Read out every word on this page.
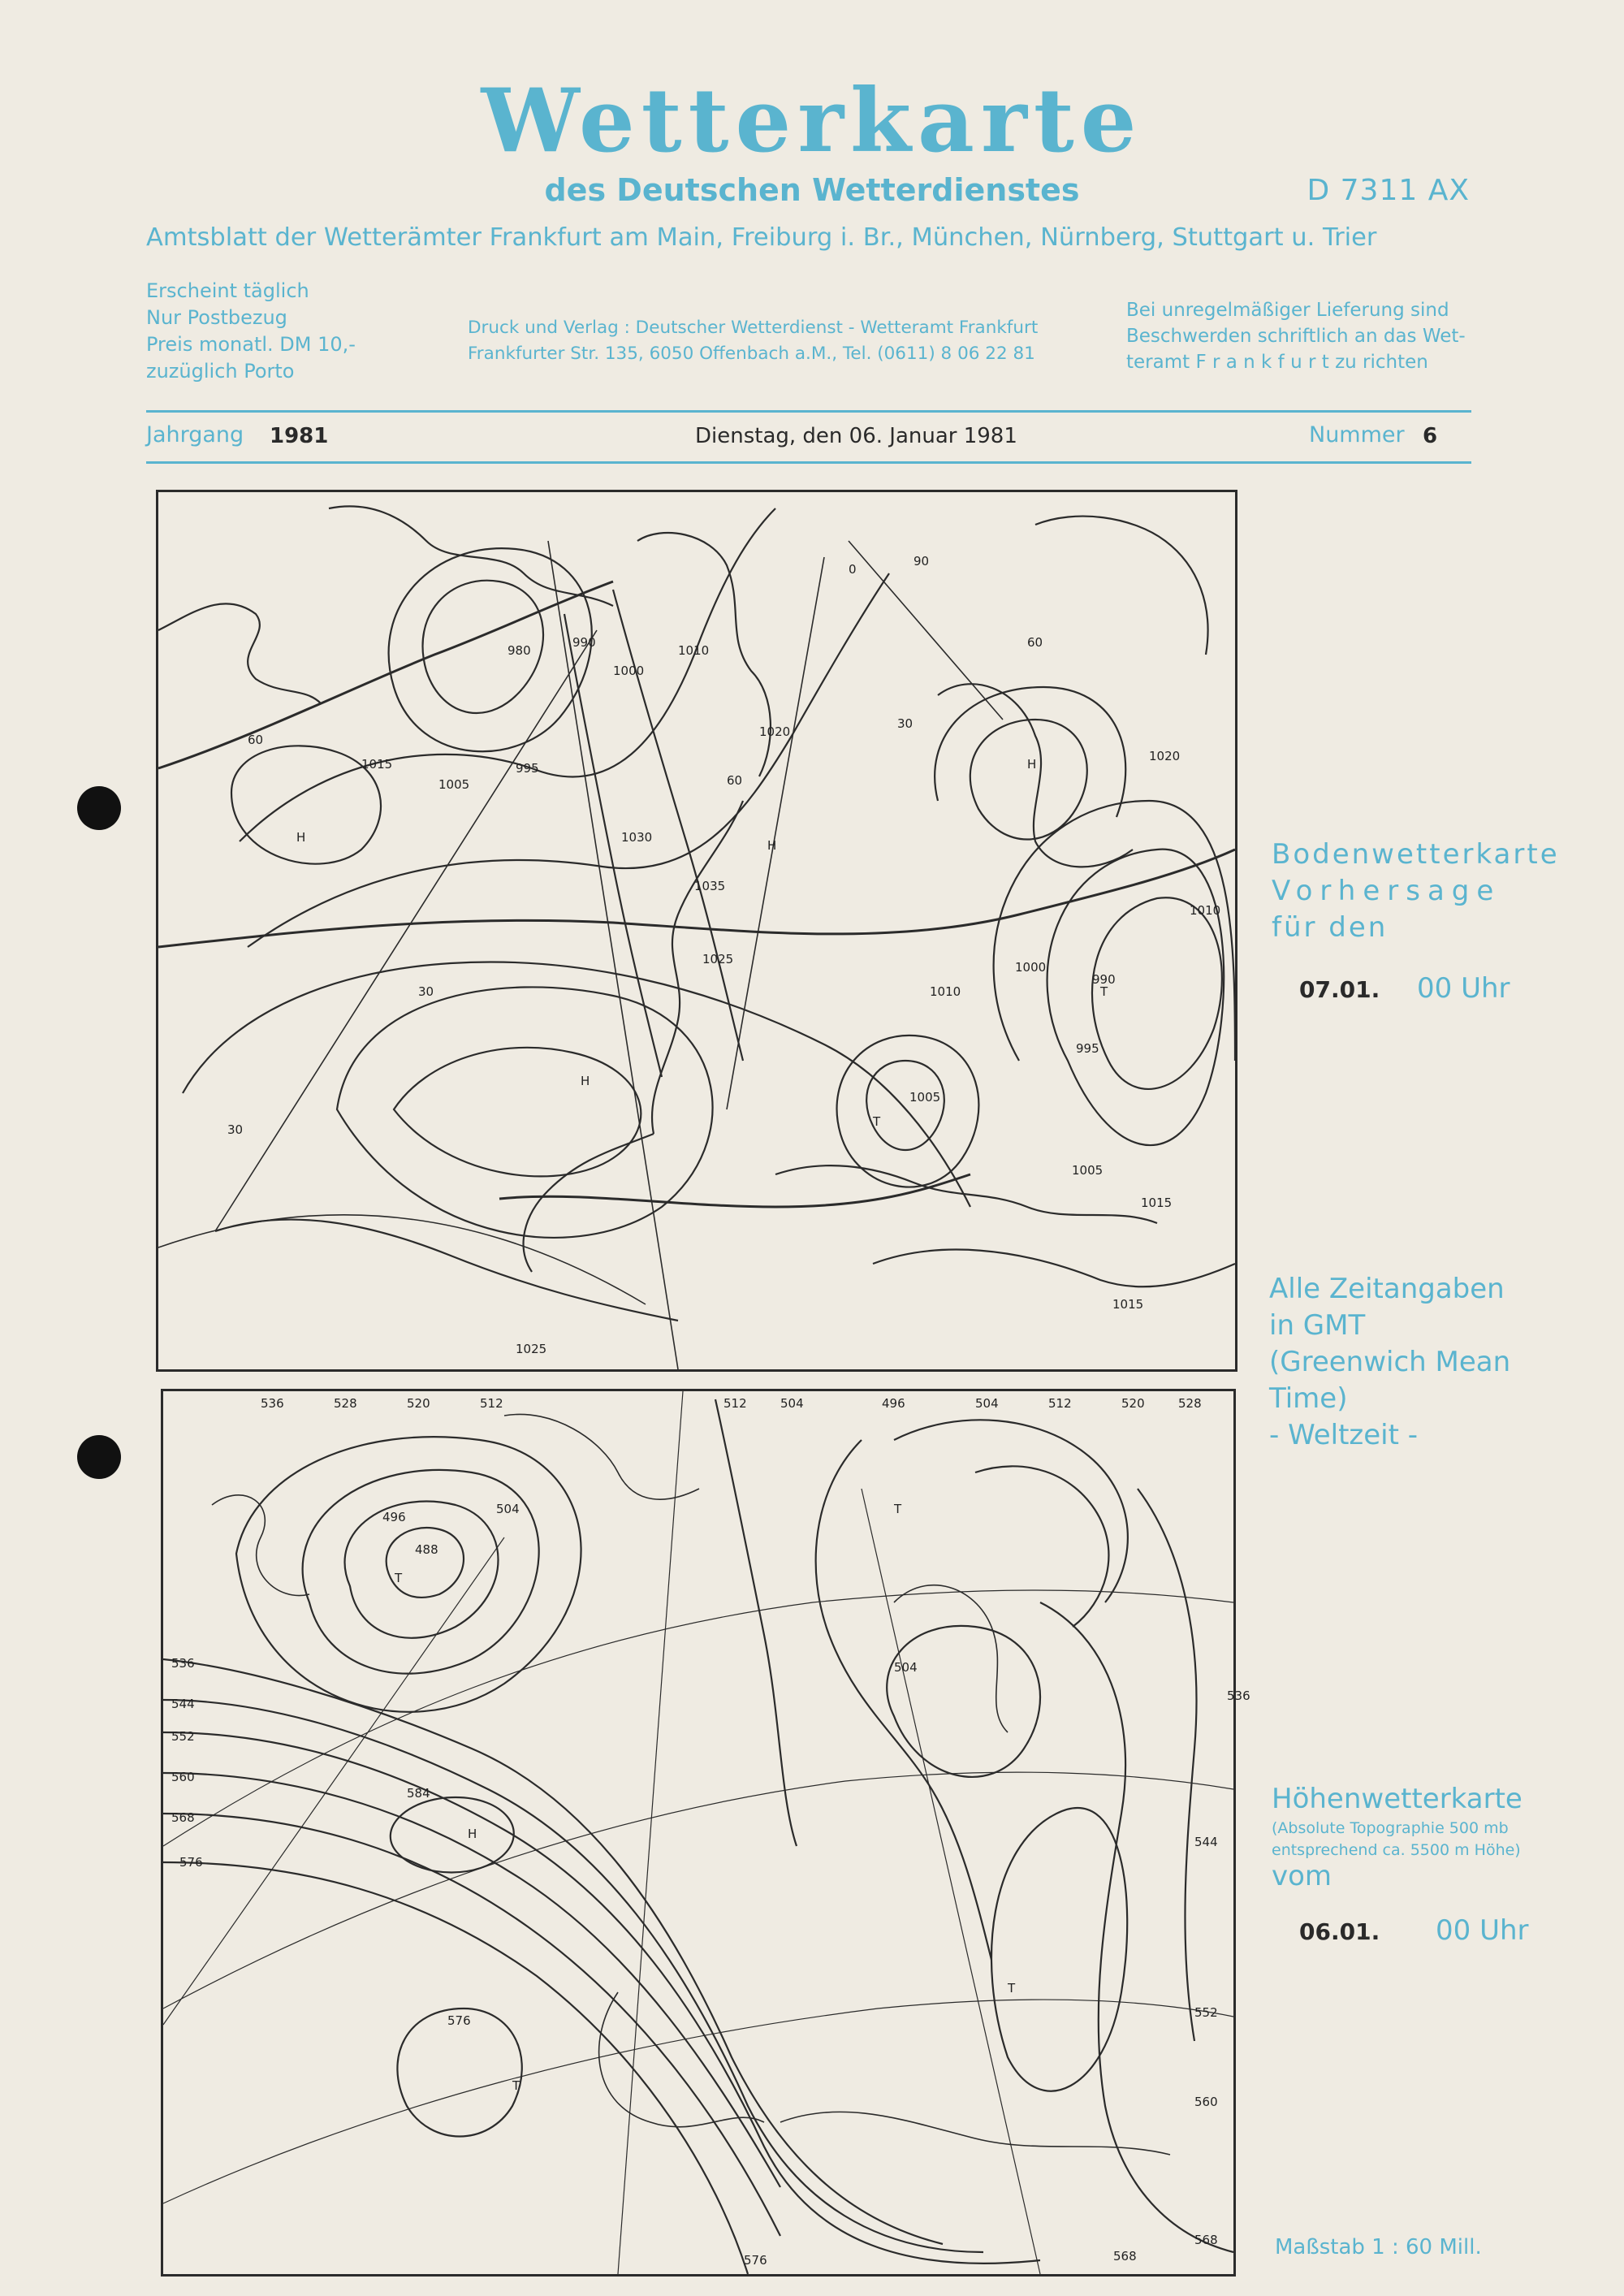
Wetterkarte
des Deutschen Wetterdienstes	D 7311 AX
Amtsblatt der Wetterämter Frankfurt am Main, Freiburg i. Br., München, Nürnberg, Stuttgart u. Trier
Erscheint täglich
Nur Postbezug
Preis monatl. DM 10,-
zuzüglich Porto
Druck und Verlag : Deutscher Wetterdienst - Wetteramt Frankfurt
Frankfurter Str. 135, 6050 Offenbach a.M., Tel. (0611) 8 06 22 81
Bei unregelmäßiger Lieferung sind
Beschwerden schriftlich an das Wet-
teramt F r a n k f u r t zu richten
Jahrgang 1981	Dienstag, den 06. Januar 1981	Nummer 6
980
990
1000
1010
1020
1005
995
1015
1030
1035
1025
1010
1000
990
995
1005
1015
1020
1010
1005
1025
1015
H
H
H
H
T
T
60
30
30
60
60
0
90
30
536	528	520	512	512	504	496	504	512	520	528
496
488
504
536
544
552
560
568
576
584
576
536
544
552
560
568
568
576
504
T
T
H
T
T
Bodenwetterkarte
Vorhersage
für den
07.01. 00 Uhr
Alle Zeitangaben
in GMT
(Greenwich Mean
Time)
- Weltzeit -
Höhenwetterkarte
(Absolute Topographie 500 mb
entsprechend ca. 5500 m Höhe)
vom
06.01. 00 Uhr
Maßstab 1 : 60 Mill.
